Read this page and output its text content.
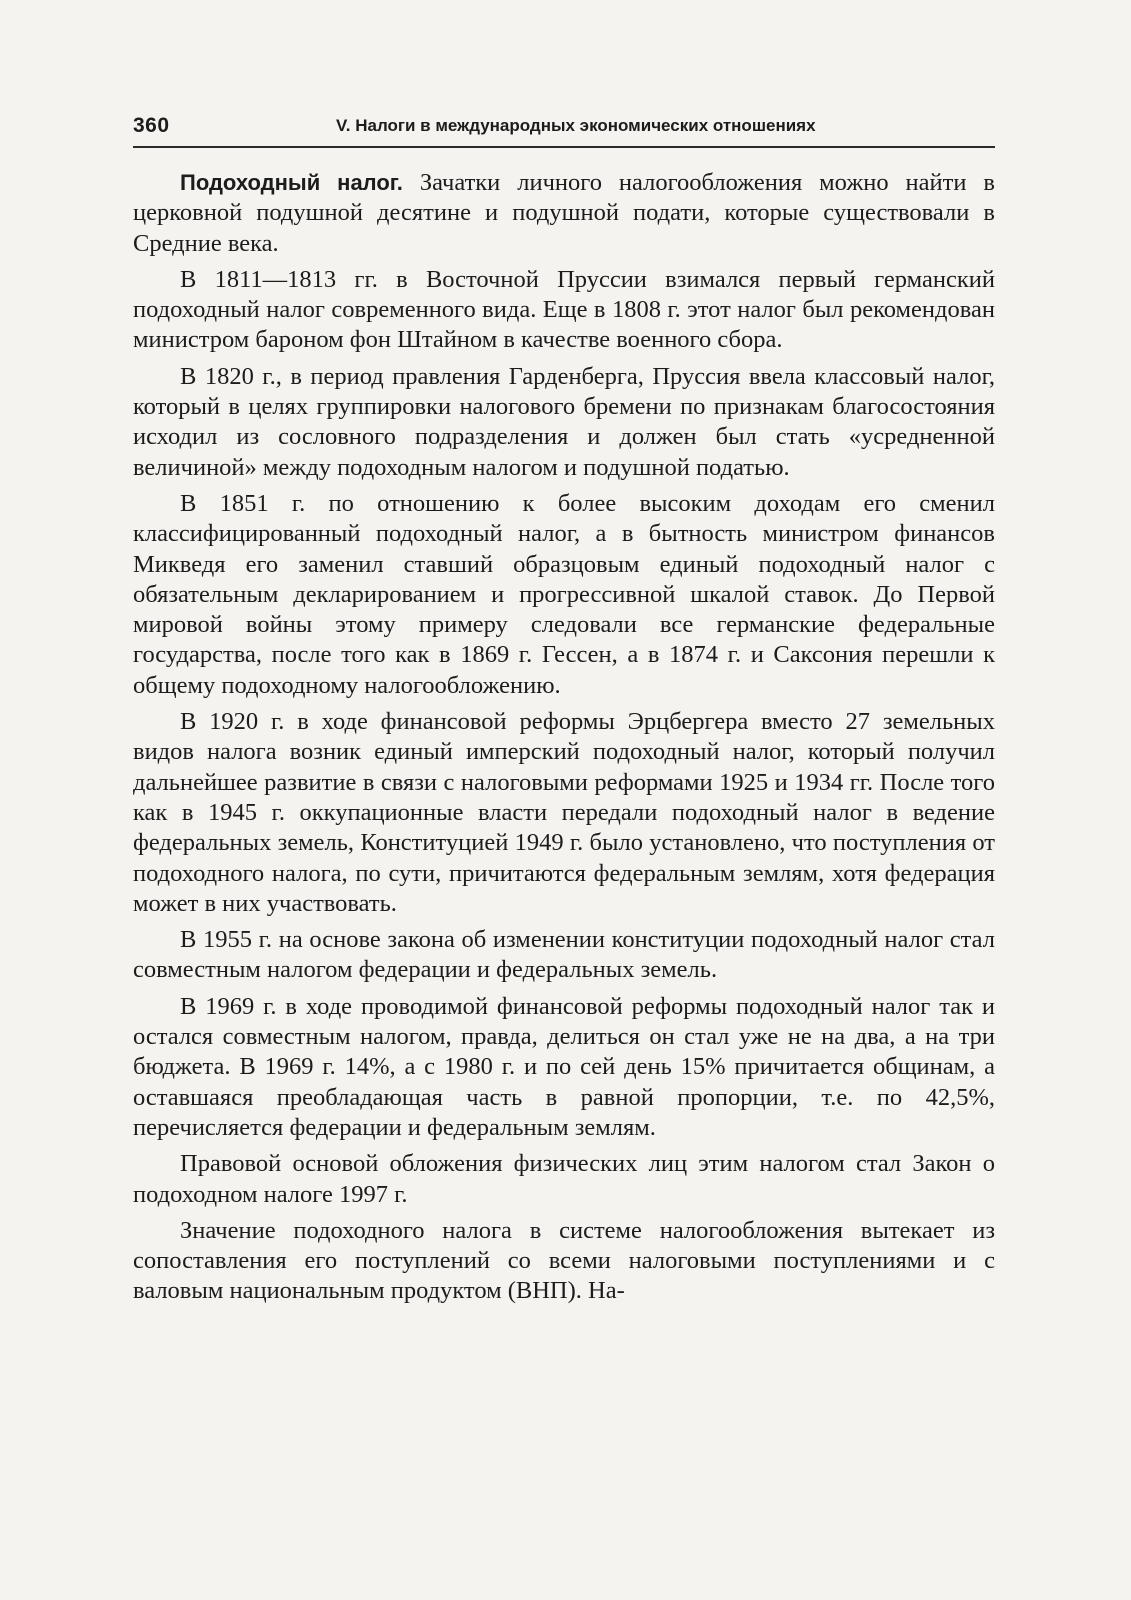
360	V. Налоги в международных экономических отношениях

Подоходный налог. Зачатки личного налогообложения можно найти в церковной подушной десятине и подушной подати, которые существовали в Средние века.

В 1811—1813 гг. в Восточной Пруссии взимался первый германский подоходный налог современного вида. Еще в 1808 г. этот налог был рекомендован министром бароном фон Штайном в качестве военного сбора.

В 1820 г., в период правления Гарденберга, Пруссия ввела классовый налог, который в целях группировки налогового бремени по признакам благосостояния исходил из сословного подразделения и должен был стать «усредненной величиной» между подоходным налогом и подушной податью.

В 1851 г. по отношению к более высоким доходам его сменил классифицированный подоходный налог, а в бытность министром финансов Микведя его заменил ставший образцовым единый подоходный налог с обязательным декларированием и прогрессивной шкалой ставок. До Первой мировой войны этому примеру следовали все германские федеральные государства, после того как в 1869 г. Гессен, а в 1874 г. и Саксония перешли к общему подоходному налогообложению.

В 1920 г. в ходе финансовой реформы Эрцбергера вместо 27 земельных видов налога возник единый имперский подоходный налог, который получил дальнейшее развитие в связи с налоговыми реформами 1925 и 1934 гг. После того как в 1945 г. оккупационные власти передали подоходный налог в ведение федеральных земель, Конституцией 1949 г. было установлено, что поступления от подоходного налога, по сути, причитаются федеральным землям, хотя федерация может в них участвовать.

В 1955 г. на основе закона об изменении конституции подоходный налог стал совместным налогом федерации и федеральных земель.

В 1969 г. в ходе проводимой финансовой реформы подоходный налог так и остался совместным налогом, правда, делиться он стал уже не на два, а на три бюджета. В 1969 г. 14%, а с 1980 г. и по сей день 15% причитается общинам, а оставшаяся преобладающая часть в равной пропорции, т.е. по 42,5%, перечисляется федерации и федеральным землям.

Правовой основой обложения физических лиц этим налогом стал Закон о подоходном налоге 1997 г.

Значение подоходного налога в системе налогообложения вытекает из сопоставления его поступлений со всеми налоговыми поступлениями и с валовым национальным продуктом (ВНП). На-
